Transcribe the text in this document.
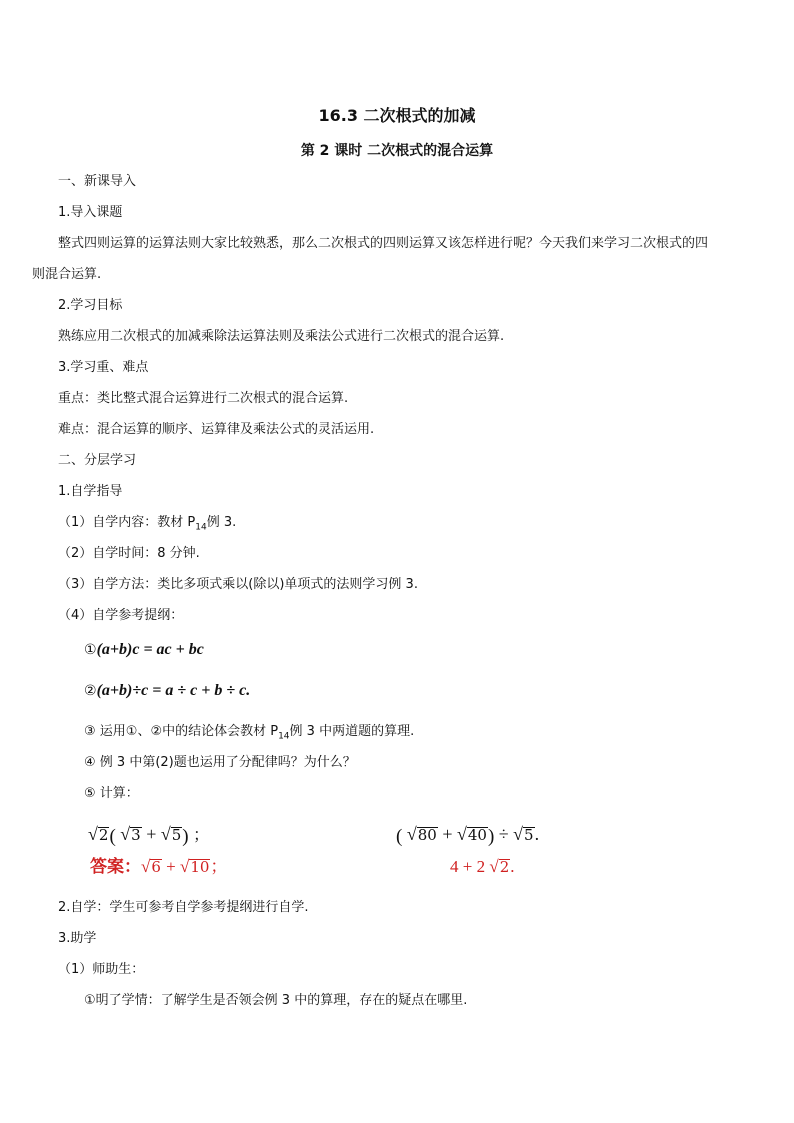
16.3 二次根式的加减
第 2 课时 二次根式的混合运算
一、新课导入
1.导入课题
整式四则运算的运算法则大家比较熟悉，那么二次根式的四则运算又该怎样进行呢？今天我们来学习二次根式的四
则混合运算.
2.学习目标
熟练应用二次根式的加减乘除法运算法则及乘法公式进行二次根式的混合运算.
3.学习重、难点
重点：类比整式混合运算进行二次根式的混合运算.
难点：混合运算的顺序、运算律及乘法公式的灵活运用.
二、分层学习
1.自学指导
（1）自学内容：教材 $P_{14}$例 3.
（2）自学时间：8 分钟.
（3）自学方法：类比多项式乘以(除以)单项式的法则学习例 3.
（4）自学参考提纲：
①(a+b)c = ac + bc
②(a+b)÷c = a ÷ c + b ÷ c.
③ 运用①、②中的结论体会教材 $P_{14}$例 3 中两道题的算理.
④ 例 3 中第(2)题也运用了分配律吗？为什么？
⑤ 计算：
√2( √3 + √5) ；	( √80 + √40) ÷ √5.
答案：√6 + √10；	4 + 2 √2.
2.自学：学生可参考自学参考提纲进行自学.
3.助学
（1）师助生：
①明了学情：了解学生是否领会例 3 中的算理，存在的疑点在哪里.
